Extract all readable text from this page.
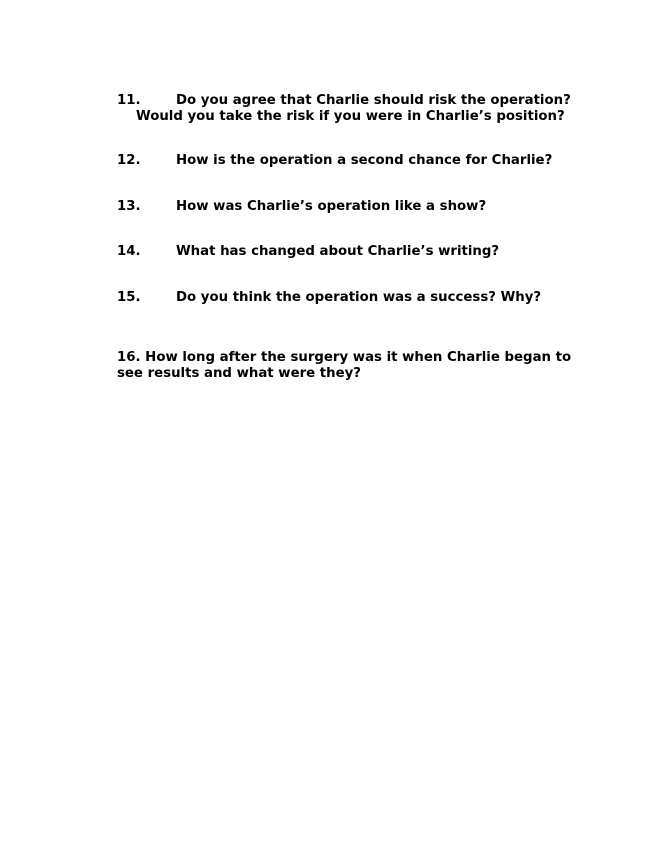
11.	Do you agree that Charlie should risk the operation?
Would you take the risk if you were in Charlie’s position?
12.	How is the operation a second chance for Charlie?
13.	How was Charlie’s operation like a show?
14.	What has changed about Charlie’s writing?
15.	Do you think the operation was a success? Why?
16. How long after the surgery was it when Charlie began to see results and what were they?
